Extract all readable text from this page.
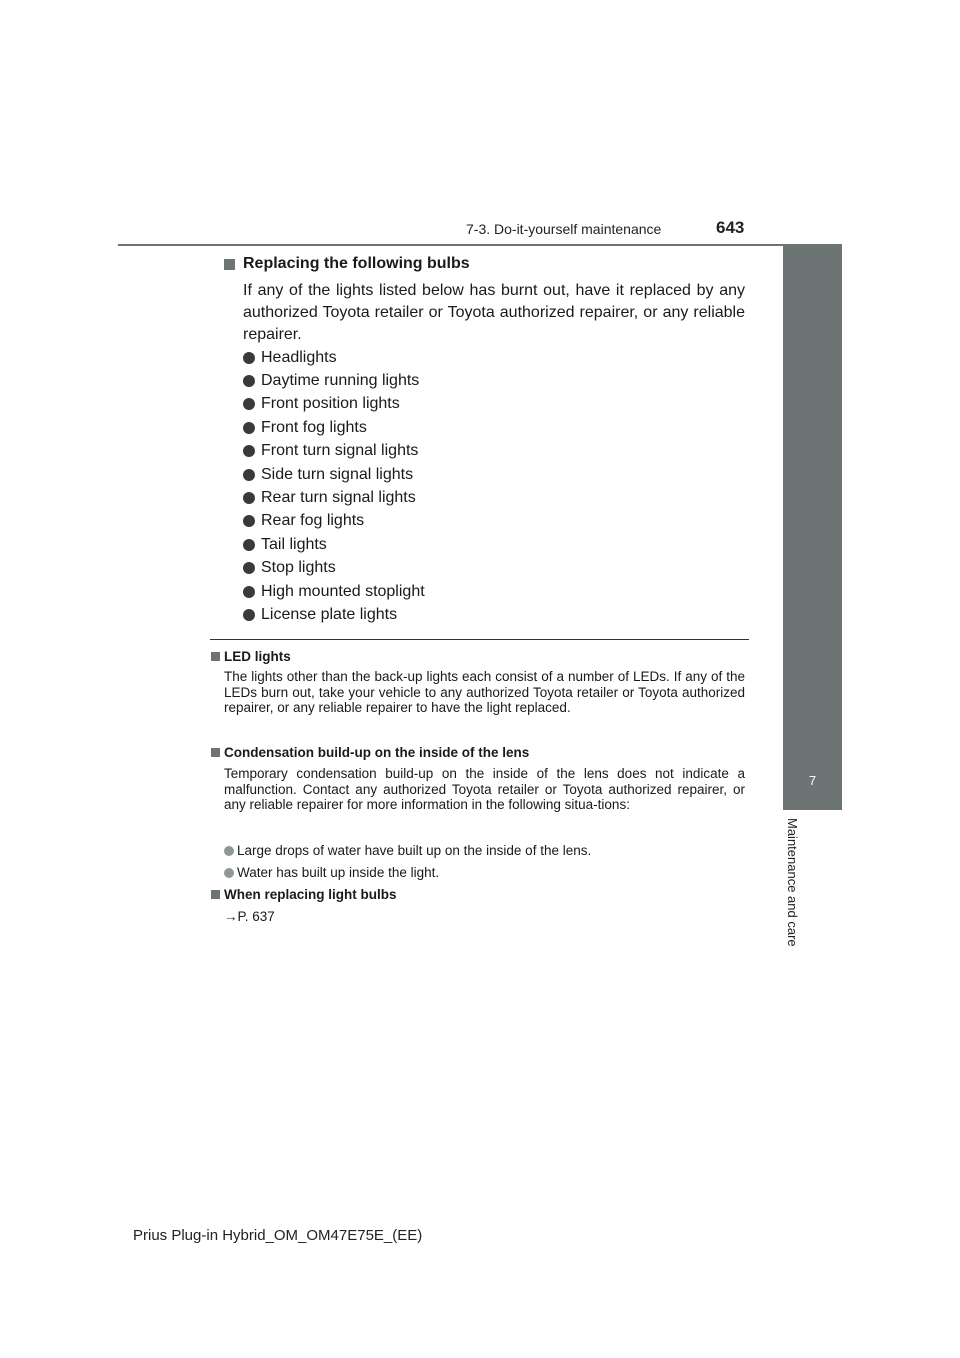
7-3. Do-it-yourself maintenance	643
7
Maintenance and care
Replacing the following bulbs
If any of the lights listed below has burnt out, have it replaced by any authorized Toyota retailer or Toyota authorized repairer, or any reliable repairer.
Headlights
Daytime running lights
Front position lights
Front fog lights
Front turn signal lights
Side turn signal lights
Rear turn signal lights
Rear fog lights
Tail lights
Stop lights
High mounted stoplight
License plate lights
LED lights
The lights other than the back-up lights each consist of a number of LEDs. If any of the LEDs burn out, take your vehicle to any authorized Toyota retailer or Toyota authorized repairer, or any reliable repairer to have the light replaced.
Condensation build-up on the inside of the lens
Temporary condensation build-up on the inside of the lens does not indicate a malfunction. Contact any authorized Toyota retailer or Toyota authorized repairer, or any reliable repairer for more information in the following situa-tions:
Large drops of water have built up on the inside of the lens.
Water has built up inside the light.
When replacing light bulbs
→P. 637
Prius Plug-in Hybrid_OM_OM47E75E_(EE)
